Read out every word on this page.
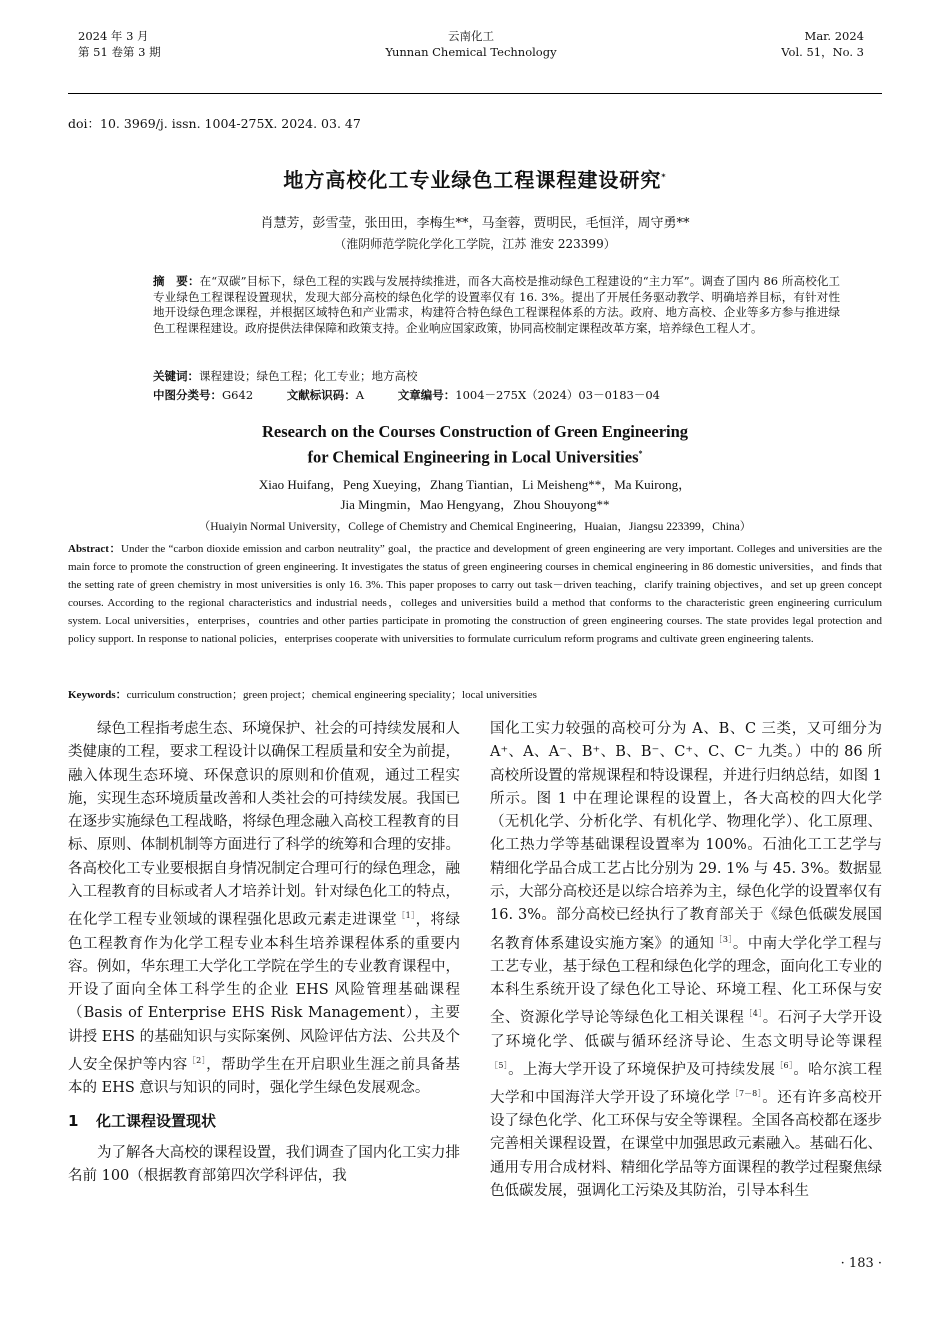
2024 年 3 月
第 51 卷第 3 期
云南化工
Yunnan Chemical Technology
Mar. 2024
Vol. 51，No. 3
doi：10. 3969/j. issn. 1004-275X. 2024. 03. 47
地方高校化工专业绿色工程课程建设研究*
肖慧芳，彭雪莹，张田田，李梅生**，马奎蓉，贾明民，毛恒洋，周守勇**
（淮阴师范学院化学化工学院，江苏 淮安 223399）
摘　要：在“双碳”目标下，绿色工程的实践与发展持续推进，而各大高校是推动绿色工程建设的“主力军”。调查了国内 86 所高校化工专业绿色工程课程设置现状，发现大部分高校的绿色化学的设置率仅有 16. 3%。提出了开展任务驱动教学、明确培养目标，有针对性地开设绿色理念课程，并根据区域特色和产业需求，构建符合特色绿色工程课程体系的方法。政府、地方高校、企业等多方参与推进绿色工程课程建设。政府提供法律保障和政策支持。企业响应国家政策，协同高校制定课程改革方案，培养绿色工程人才。
关键词：课程建设；绿色工程；化工专业；地方高校
中图分类号：G642	文献标识码：A	文章编号：1004－275X（2024）03－0183－04
Research on the Courses Construction of Green Engineering
for Chemical Engineering in Local Universities*
Xiao Huifang，Peng Xueying，Zhang Tiantian，Li Meisheng**，Ma Kuirong，
Jia Mingmin，Mao Hengyang，Zhou Shouyong**
（Huaiyin Normal University，College of Chemistry and Chemical Engineering，Huaian，Jiangsu 223399，China）
Abstract：Under the “carbon dioxide emission and carbon neutrality” goal，the practice and development of green engineering are very important. Colleges and universities are the main force to promote the construction of green engineering. It investigates the status of green engineering courses in chemical engineering in 86 domestic universities，and finds that the setting rate of green chemistry in most universities is only 16. 3%. This paper proposes to carry out task－driven teaching，clarify training objectives，and set up green concept courses. According to the regional characteristics and industrial needs，colleges and universities build a method that conforms to the characteristic green engineering curriculum system. Local universities，enterprises，countries and other parties participate in promoting the construction of green engineering courses. The state provides legal protection and policy support. In response to national policies，enterprises cooperate with universities to formulate curriculum reform programs and cultivate green engineering talents.
Keywords：curriculum construction；green project；chemical engineering speciality；local universities

绿色工程指考虑生态、环境保护、社会的可持续发展和人类健康的工程，要求工程设计以确保工程质量和安全为前提，融入体现生态环境、环保意识的原则和价值观，通过工程实施，实现生态环境质量改善和人类社会的可持续发展。我国已在逐步实施绿色工程战略，将绿色理念融入高校工程教育的目标、原则、体制机制等方面进行了科学的统筹和合理的安排。各高校化工专业要根据自身情况制定合理可行的绿色理念，融入工程教育的目标或者人才培养计划。针对绿色化工的特点，在化学工程专业领域的课程强化思政元素走进课堂$^{[1]}$，将绿色工程教育作为化学工程专业本科生培养课程体系的重要内容。例如，华东理工大学化工学院在学生的专业教育课程中，开设了面向全体工科学生的企业 EHS 风险管理基础课程（Basis of Enterprise EHS Risk Management），主要讲授 EHS 的基础知识与实际案例、风险评估方法、公共及个人安全保护等内容$^{[2]}$，帮助学生在开启职业生涯之前具备基本的 EHS 意识与知识的同时，强化学生绿色发展观念。

1 化工课程设置现状

为了解各大高校的课程设置，我们调查了国内化工实力排名前 100（根据教育部第四次学科评估，我

国化工实力较强的高校可分为 A、B、C 三类，又可细分为 A⁺、A、A⁻、B⁺、B、B⁻、C⁺、C、C⁻ 九类。）中的 86 所高校所设置的常规课程和特设课程，并进行归纳总结，如图 1 所示。图 1 中在理论课程的设置上，各大高校的四大化学（无机化学、分析化学、有机化学、物理化学）、化工原理、化工热力学等基础课程设置率为 100%。石油化工工艺学与精细化学品合成工艺占比分别为 29. 1% 与 45. 3%。数据显示，大部分高校还是以综合培养为主，绿色化学的设置率仅有 16. 3%。部分高校已经执行了教育部关于《绿色低碳发展国名教育体系建设实施方案》的通知$^{[3]}$。中南大学化学工程与工艺专业，基于绿色工程和绿色化学的理念，面向化工专业的本科生系统开设了绿色化工导论、环境工程、化工环保与安全、资源化学导论等绿色化工相关课程$^{[4]}$。石河子大学开设了环境化学、低碳与循环经济导论、生态文明导论等课程$^{[5]}$。上海大学开设了环境保护及可持续发展$^{[6]}$。哈尔滨工程大学和中国海洋大学开设了环境化学$^{[7-8]}$。还有许多高校开设了绿色化学、化工环保与安全等课程。全国各高校都在逐步完善相关课程设置，在课堂中加强思政元素融入。基础石化、通用专用合成材料、精细化学品等方面课程的教学过程聚焦绿色低碳发展，强调化工污染及其防治，引导本科生

· 183 ·
